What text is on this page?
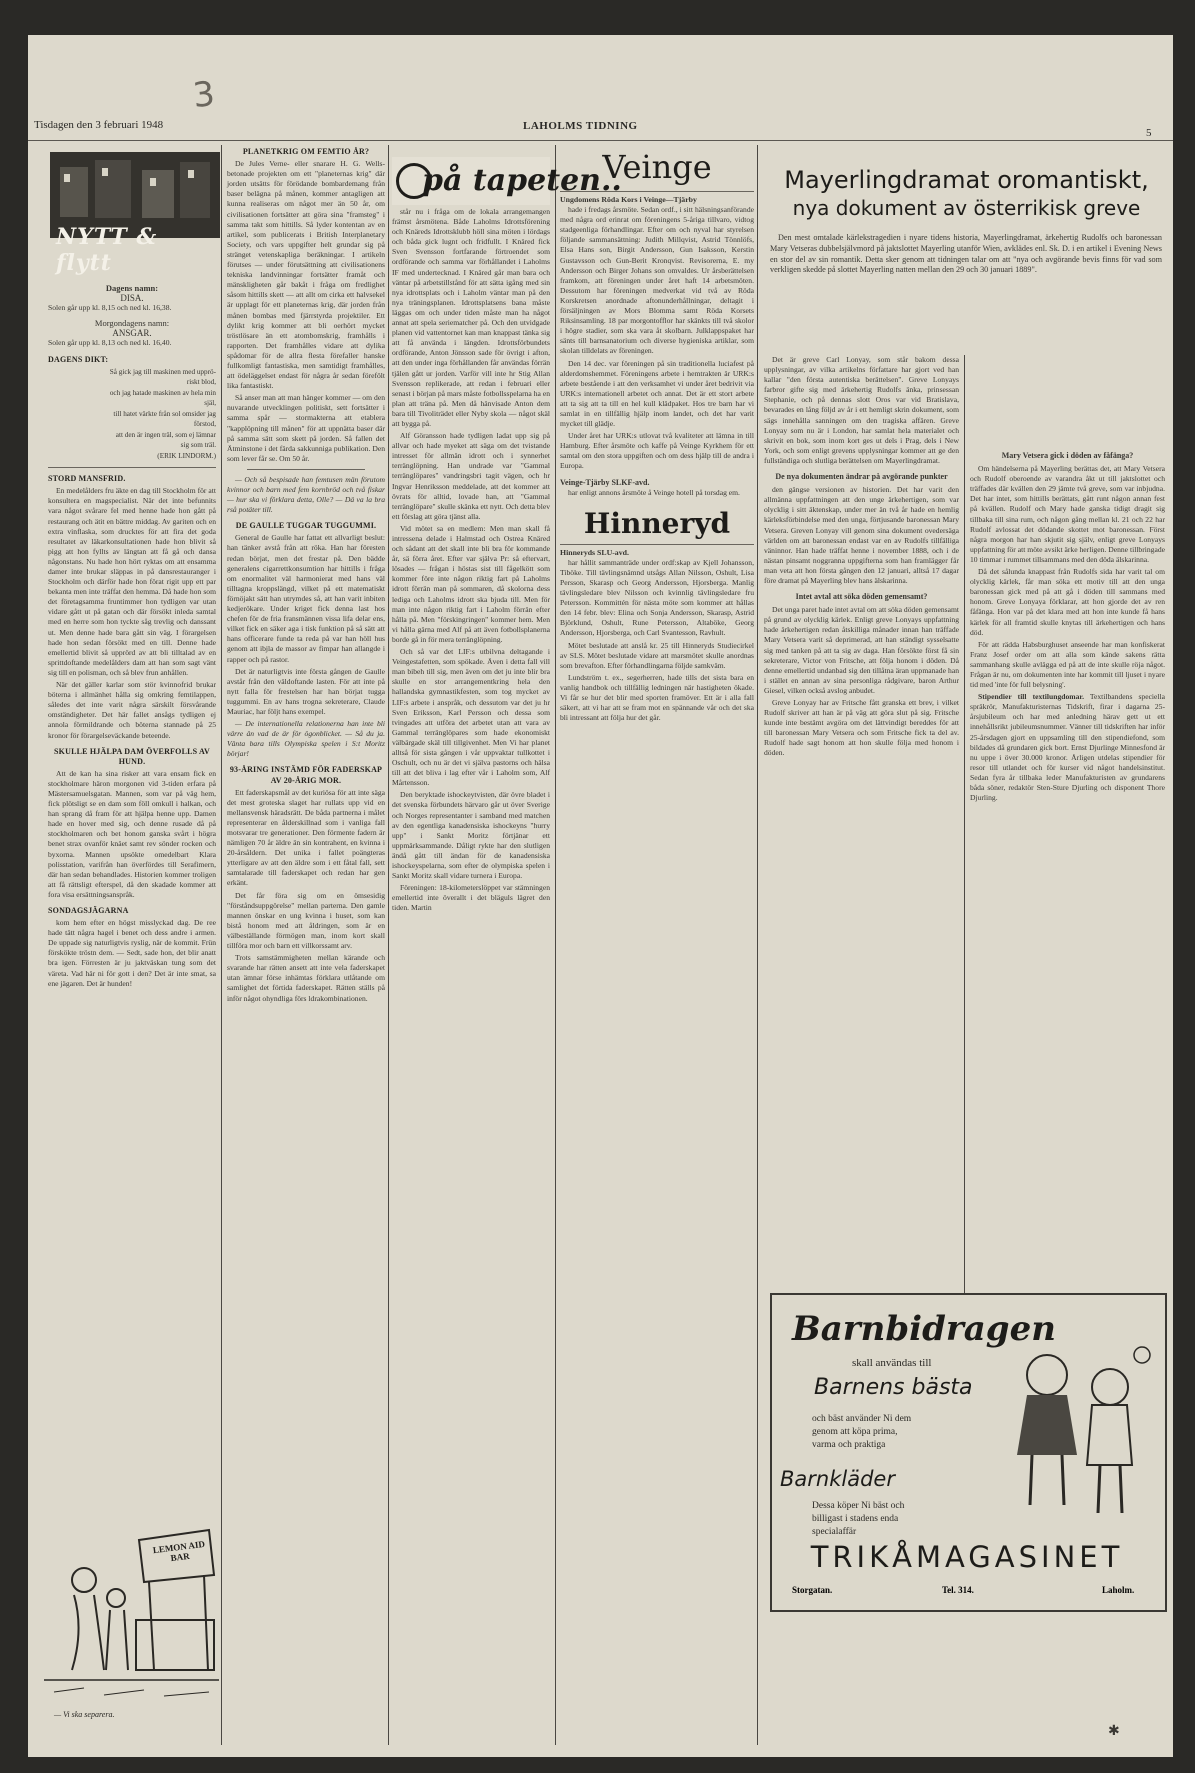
Tisdagen den 3 februari 1948	LAHOLMS TIDNING
5
3
NYTT & flytt
Dagens namn:
DISA.

Solen går upp kl. 8,15 och ned kl. 16,38.

Morgondagens namn:
ANSGAR.

Solen går upp kl. 8,13 och ned kl. 16,40.

DAGENS DIKT:
Så gick jag till maskinen med upprö-
riskt blod,
och jag hatade maskinen av hela min
själ,
till hatet värkte från sol omsider jag
förstod,
att den är ingen träl, som ej lämnar
sig som träl.
(ERIK LINDORM.)
STORD MANSFRID.

En medelålders fru äkte en dag till Stockholm för att konsultera en magspecialist. När det inte befunnits vara något svårare fel med henne hade hon gått på restaurang och ätit en bättre middag. Av gariten och en extra vinflaska, som drucktes för att fira det goda resultatet av läkarkonsultationen hade hon blivit så pigg att hon fyllts av längtan att få gå och dansa någonstans. Nu hade hon hört ryktas om att ensamma damer inte brukar släppas in på dansrestauranger i Stockholm och därför hade hon förat rigit upp ett par bekanta men inte träffat den hemma. Då hade hon som det företagsamma fruntimmer hon tydligen var utan vidare gått ut på gatan och där försökt inleda samtal med en herre som hon tyckte såg trevlig och danssant ut. Men denne hade bara gått sin väg. I förargelsen hade hon sedan försökt med en till. Denne hade emellertid blivit så upprörd av att bli tilltalad av en sprittdoftande medelålders dam att han som sagt vänt sig till en polisman, och så blev frun anhållen.

När det gäller karlar som stör kvinnofrid brukar böterna i allmänhet hålla sig omkring femtilappen, således det inte varit några särskilt försvårande omständigheter. Det här fallet ansågs tydligen ej annola förmildrande och böterna stannade på 25 kronor för förargelseväckande beteende.

SKULLE HJÄLPA DAM ÖVERFOLLS AV HUND.

Att de kan ha sina risker att vara ensam fick en stockholmare häron morgonen vid 3-tiden erfara på Mästersamuelsgatan. Mannen, som var på väg hem, fick plötsligt se en dam som föll omkull i halkan, och han sprang då fram för att hjälpa henne upp. Damen hade en hover med sig, och denne rusade då på stockholmaren och bet honom ganska svårt i högra benet strax ovanför knäet samt rev sönder rocken och byxorna. Mannen upsökte omedelbart Klara polisstation, varifrån han överfördes till Serafimern, där han sedan behandlades. Historien kommer troligen att få rättsligt efterspel, då den skadade kommer att fora visa ersättningsanspråk.

SONDAGSJÄGARNA

kom hem efter en högst misslyckad dag. De ree hade tätt några hagel i benet och dess andre i armen. De uppade sig naturligtvis ryslig, när de kommit. Frün förskökte tröstn dem. — Sedt, sade hon, det blir anatt bra igen. Förresten är ju jaktväskan tung som det väreta. Vad här ni för gott i den? Det är inte smat, sa ene jägaren. Det är hunden!

LEMON AID BAR
— Vi ska separera.
PLANETKRIG OM FEMTIO ÅR?

De Jules Verne- eller snarare H. G. Wells-betonade projekten om ett "planeternas krig" där jorden utsätts för förödande bombardemang från baser belägna på månen, kommer antagligen att kunna realiseras om något mer än 50 år, om civilisationen fortsätter att göra sina "framsteg" i samma takt som hittills. Så lyder kontentan av en artikel, som publicerats i British Interplanetary Society, och vars uppgifter helt grundar sig på stränget vetenskapliga beräkningar. I artikeln förutses — under förutsättning att civilisationens tekniska landvinningar fortsätter framåt och mänskligheten går bakåt i fråga om fredlighet såsom hittills skett — att allt om cirka ett halvsekel är upplagt för ett planeternas krig, där jorden från månen bombas med fjärrstyrda projektiler. Ett dylikt krig kommer att bli oerhört mycket tröstlösare än ett atombomskrig, framhålls i rapporten. Det framhålles vidare att dylika spådomar för de allra flesta förefaller hanske fullkomligt fantastiska, men samtidigt framhålles, att ödeläggelset endast för några år sedan förefölt lika fantastiskt.

Så anser man att man hänger kommer — om den nuvarande utvecklingen politiskt, sett fortsätter i samma spår — stormakterna att etablera "kapplöpning till månen" för att uppnätta baser där på samma sätt som skett på jorden. Så fallen det Ätminstone i det färda sakkunniga publikation. Den som lever får se. Om 50 år.

— Och så bespisade han femtusen män förutom kvinnor och barn med fem kornbröd och två fiskar — hur ska vi förklara detta, Olle? — Dä va la bra rså potäter till.

DE GAULLE TUGGAR TUGGUMMI.

General de Gaulle har fattat ett allvarligt beslut: han tänker avstå från att röka. Han har föresten redan börjat, men det frestar på. Den bädde generalens cigarrettkonsumtion har hittills i fråga om enormalitet väl harmonierat med hans väl tilltagna kroppslängd, vilket på ett matematiskt förnöjakt sätt han utrymdes så, att han varit inbiten kedjerökare. Under kriget fick denna last hos chefen för de fria fransmännen vissa lifa delar ens, vilket fick en säker aga i tisk funktion på så sätt att hans officerare funde ta reda på var han höll hus genom att ibjla de massor av fimpar han allangde i rapper och på rastor.

Det är naturligtvis inte första gången de Gaulle avstår från den väldoftande lasten. För att inte på nytt falla för frestelsen har han börjat tugga tuggummi. En av hans trogna sekreterare, Claude Mauriac, har följt hans exempel.

— De internationella relationerna han inte bli värre än vad de är för ögonblicket. — Så du ja. Vänta bara tills Olympiska spelen i S:t Moritz börjar!

93-ÅRING INSTÄMD FÖR FADERSKAP AV 20-ÅRIG MOR.

Ett faderskapsmål av det kuriösa för att inte säga det mest groteska slaget har rullats upp vid en mellansvensk häradsrätt. De båda partnerna i målet representerar en ålderskillnad som i vanliga fall motsvarar tre generationer. Den förmente fadern är nämligen 70 år äldre än sin kontrahent, en kvinna i 20-årsåldern. Det unika i fallet poängteras ytterligare av att den äldre som i ett fåtal fall, sett samtalarade till faderskapet och redan har gen erkänt.

Det får föra sig om en ömsesidig "förståndsuppgörelse" mellan parterna. Den gamle mannen önskar en ung kvinna i huset, som kan bistå honom med att åldringen, som är en välbeställande förmögen man, inom kort skall tillföra mor och barn ett villkorssamt arv.

Trots samstämmigheten mellan kärande och svarande har rätten ansett att inte vela faderskapet utan ämnar förse inhämtas förklara utlåtande om samlighet det förtida faderskapet. Rätten ställs på inför något ohyndliga förs ldrakombinationen.

på tapeten..

står nu i fråga om de lokala arrangemangen främst årsmötena. Både Laholms Idrottsförening och Knäreds Idrottsklubb höll sina möten i lördags och båda gick lugnt och fridfullt. I Knäred fick Sven Svensson fortfarande förtroendet som ordförande och samma var förhållandet i Laholms IF med undertecknad. I Knäred går man bara och väntar på arbetstillstånd för att sätta igång med sin nya idrottsplats och i Laholm väntar man på den nya träningsplanen. Idrottsplatsens bana måste läggas om och under tiden måste man ha något annat att spela seriematcher på. Och den utvidgade planen vid vattentornet kan man knappast tänka sig att få använda i längden. Idrottsförbundets ordförande, Anton Jönsson sade för övrigt i afton, att den under inga förhållanden får användas förrän tjälen gått ur jorden. Varför vill inte hr Stig Allan Svensson replikerade, att redan i februari eller senast i början på mars måste fotbollsspelarna ha en plan att träna på. Men då hänvisade Anton dem bara till Tivoliträdet eller Nyby skola — något skäl att bygga på.

Alf Göransson hade tydligen ladat upp sig på allvar och hade myeket att säga om det tvistande intresset för allmän idrott och i synnerhet terränglöpning. Han undrade var "Gammal terränglöpares" vandringsbri tagit vägen, och hr Ingvar Henriksson meddelade, att det kommer att övrats för alltid, lovade han, att "Gammal terränglöpare" skulle skänka ett nytt. Och detta blev ett förslag att göra tjänst alla.

Vid mötet sa en medlem: Men man skall få intressena delade i Halmstad och Ostrea Knäred och sådant att det skall inte bli bra för kommande år, sä förra året. Efter var själva Pr: så eftervart, lösades — frågan i höstas sist till fågelkött som kommer före inte någon riktig fart på Laholms idrott förrän man på sommaren, då skolorna dess lediga och Laholms idrott ska bjuda till. Men för man inte någon riktig fart i Laholm förrän efter hålla på. Men "förskingringen" kommer hem. Men vi hålla gärna med Alf på att även fotbollsplanerna borde gå in för mera terränglöpning.

Och så var det LIF:s utbilvna deltagande i Veingestafetten, som spökade. Även i detta fall vill man bibeh till sig, men även om det ju inte blir bra skulle en stor arrangementkring hela den hallandska gymnastikfesten, som tog mycket av LIF:s arbete i anspråk, och dessutom var det ju hr Sven Eriksson, Karl Persson och dessa som tvingades att utföra det arbetet utan att vara av Gammal terränglöpares som hade ekonomiskt välbärgade skäl till tillgivenhet. Men Vi har planet alltså för sista gången i vår uppvaktar tullkottet i Oschult, och nu är det vi själva pastorns och hälsa till att det bliva i lag efter vår i Laholm som, Alf Mårtensson.

Den beryktade ishockeytvisten, där övre bladet i det svenska förbundets härvaro går ut över Sverige och Norges representanter i samband med matchen av den egentliga kanadensiska ishockeyns "hurry upp" i Sankt Moritz förtjänar ett uppmärksammande. Dåligt rykte har den slutligen ändå gått till ändan för de kanadensiska ishockeyspelarna, som efter de olympiska spelen i Sankt Moritz skall vidare turnera i Europa.

Föreningen: 18-kilometerslöppet var stämningen emellertid inte överallt i det bläguls lägret den tiden. Martin

Veinge
Ungdomens Röda Kors i Veinge—Tjärby

hade i fredags årsmöte. Sedan ordf., i sitt hälsningsanförande med några ord erinrat om föreningens 5-åriga tillvaro, vidtog stadgeenliga förhandlingar. Efter om och nyval har styrelsen följande sammansättning: Judith Millqvist, Astrid Tönnlöfs, Elsa Hans son, Birgit Andersson, Gun Isaksson, Kerstin Gustavsson och Gun-Berit Kronqvist. Revisorerna, E. my Andersson och Birger Johans son omvaldes. Ur årsberättelsen framkom, att föreningen under året haft 14 arbetsmöten. Dessutom har föreningen medverkat vid två av Röda Korskretsen anordnade aftonunderhållningar, deltagit i försäljningen av Mors Blomma samt Röda Korsets Riksinsamling. 18 par morgontofflor har skänkts till två skolor i högre stadier, som ska vara åt skolbarn. Julklappspaket har sänts till barnsanatorium och diverse hygieniska artiklar, som skolan tilldelats av föreningen.

Den 14 dec. var föreningen på sin traditionella luciafest på alderdomshemmet. Föreningens arbete i hemtrakten är URK:s arbete bestående i att den verksamhet vi under året bedrivit via URK:s internationell arbetet och annat. Det är ett stort arbete att ta sig att ta till en hel kull klädpaket. Hos tre barn har vi samlat in en tillfällig hjälp inom landet, och det har varit mycket till glädje.

Under året har URK:s utlovat två kvaliteter att lämna in till Hamburg. Efter årsmöte och kaffe på Veinge Kyrkhem för ett samtal om den stora uppgiften och om dess hjälp till de andra i Europa.

Veinge-Tjärby SLKF-avd.

har enligt annons årsmöte å Veinge hotell på torsdag em.

Hinneryd
Hinneryds SLU-avd.

har hållit sammanträde under ordf:skap av Kjell Johansson, Tiböke. Till tävlingsnämnd utsågs Allan Nilsson, Oshult, Lisa Persson, Skarasp och Georg Andersson, Hjorsberga. Manlig tävlingsledare blev Nilsson och kvinnlig tävlingsledare fru Petersson. Kommittén för nästa möte som kommer att hållas den 14 febr. blev: Elina och Sonja Andersson, Skarasp, Astrid Björklund, Oshult, Rune Petersson, Altaböke, Georg Andersson, Hjorsberga, och Carl Svantesson, Ravhult.

Mötet beslutade att anslå kr. 25 till Hinneryds Studiecirkel av SLS. Mötet beslutade vidare att marsmötet skulle anordnas som brevafton. Efter förhandlingarna följde samkväm.

Lundström t. ex., segerherren, hade tills det sista bara en vanlig handbok och tillfällig ledningen när hastigheten ökade. Vi får se hur det blir med sporten framöver. Ett är i alla fall säkert, att vi har att se fram mot en spännande vår och det ska bli intressant att följa hur det går.

Mayerlingdramat oromantiskt,
nya dokument av österrikisk greve

Den mest omtalade kärlekstragedien i nyare tidens historia, Mayerlingdramat, ärkehertig Rudolfs och baronessan Mary Vetseras dubbelsjälvmord på jaktslottet Mayerling utanför Wien, avklädes enl. Sk. D. i en artikel i Evening News en stor del av sin romantik. Detta sker genom att tidningen talar om att "nya och avgörande bevis finns för vad som verkligen skedde på slottet Mayerling natten mellan den 29 och 30 januari 1889".

Det är greve Carl Lonyay, som står bakom dessa upplysningar, av vilka artikelns författare har gjort ved han kallar "den första autentiska berättelsen". Greve Lonyays farbror gifte sig med ärkehertig Rudolfs änka, prinsessan Stephanie, och på dennas slott Oros var vid Bratislava, bevarades en lång följd av år i ett hemligt skrin dokument, som sägs innehålla sanningen om den tragiska affären. Greve Lonyay som nu är i London, har samlat hela materialet och skrivit en bok, som inom kort ges ut dels i Prag, dels i New York, och som enligt grevens upplysningar kommer att ge den fullständiga och slutliga berättelsen om Mayerlingdramat.

De nya dokumenten ändrar på avgörande punkter

den gängse versionen av historien. Det har varit den allmänna uppfattningen att den unge ärkehertigen, som var olycklig i sitt äktenskap, under mer än två år hade en hemlig kärleksförbindelse med den unga, förtjusande baronessan Mary Vetsera. Greven Lonyay vill genom sina dokument ovedersäga världen om att baronessan endast var en av Rudolfs tillfälliga väninnor. Han hade träffat henne i november 1888, och i de nästan pinsamt noggranna uppgifterna som han framlägger får man veta att hon första gången den 12 januari, alltså 17 dagar före dramat på Mayerling blev hans älskarinna.

Intet avtal att söka döden gemensamt?

Det unga paret hade intet avtal om att söka döden gemensamt på grund av olycklig kärlek. Enligt greve Lonyays uppfattning hade ärkehertigen redan åtskilliga månader innan han träffade Mary Vetsera varit så deprimerad, att han ständigt sysselsatte sig med tanken på att ta sig av daga. Han försökte först få sin sekreterare, Victor von Fritsche, att följa honom i döden. Då denne emellertid undanbad sig den tillåtna äran uppmanade han i stället en annan av sina personliga rådgivare, baron Arthur Giesel, vilken också avslog anbudet.

Greve Lonyay har av Fritsche fått granska ett brev, i vilket Rudolf skriver att han är på väg att göra slut på sig. Fritsche kunde inte bestämt avgöra om det lättvindigt bereddes för att till baronessan Mary Vetsera och som Fritsche fick ta del av. Rudolf hade sagt honom att hon skulle följa med honom i döden.

Mary Vetsera gick i döden av fåfänga?

Om händelserna på Mayerling berättas det, att Mary Vetsera och Rudolf oberoende av varandra åkt ut till jaktslottet och träffades där kvällen den 29 jämte två greve, som var inbjudna. Det har intet, som hittills berättats, gått runt någon annan fest på kvällen. Rudolf och Mary hade ganska tidigt dragit sig tillbaka till sina rum, och någon gång mellan kl. 21 och 22 har Rudolf avlossat det dödande skottet mot baronessan. Först några morgon har han skjutit sig själv, enligt greve Lonyays uppfattning för att möte avsikt ärke herligen. Denne tillbringade 10 timmar i rummet tillsammans med den döda älskarinna.

Då det sålunda knappast från Rudolfs sida har varit tal om olycklig kärlek, får man söka ett motiv till att den unga baronessan gick med på att gå i döden till sammans med honom. Greve Lonyaya förklarar, att hon gjorde det av ren fåfänga. Hon var på det klara med att hon inte kunde få hans kärlek för all framtid skulle knytas till ärkehertigen och hans död.

För att rädda Habsburghuset anseende har man konfiskerat Franz Josef order om att alla som kände sakens rätta sammanhang skulle avlägga ed på att de inte skulle röja något. Frågan är nu, om dokumenten inte har kommit till ljuset i nyare tid med 'inte för full belysning'.

Stipendier till textilungdomar. Textilbandens speciella spräkrör, Manufakturisternas Tidskrift, firar i dagarna 25-årsjubileum och har med anledning härav gett ut ett innehållsrikt jubileumsnummer. Vänner till tidskriften har inför 25-årsdagen gjort en uppsamling till den stipendiefond, som bildades då grundaren gick bort. Ernst Djurlinge Minnesfond är nu uppe i över 30.000 kronor. Årligen utdelas stipendier för resor till utlandet och för kurser vid något handelsinstitut. Sedan fyra år tillbaka leder Manufakturisten av grundarens båda söner, redaktör Sten-Sture Djurling och disponent Thore Djurling.

Barnbidragen
skall användas till
Barnens bästa
och bäst använder Ni dem genom att köpa prima, varma och praktiga
Barnkläder
Dessa köper Ni bäst och billigast i stadens enda specialaffär
TRIKÅMAGASINET
Storgatan.	Tel. 314.	Laholm.
✱
